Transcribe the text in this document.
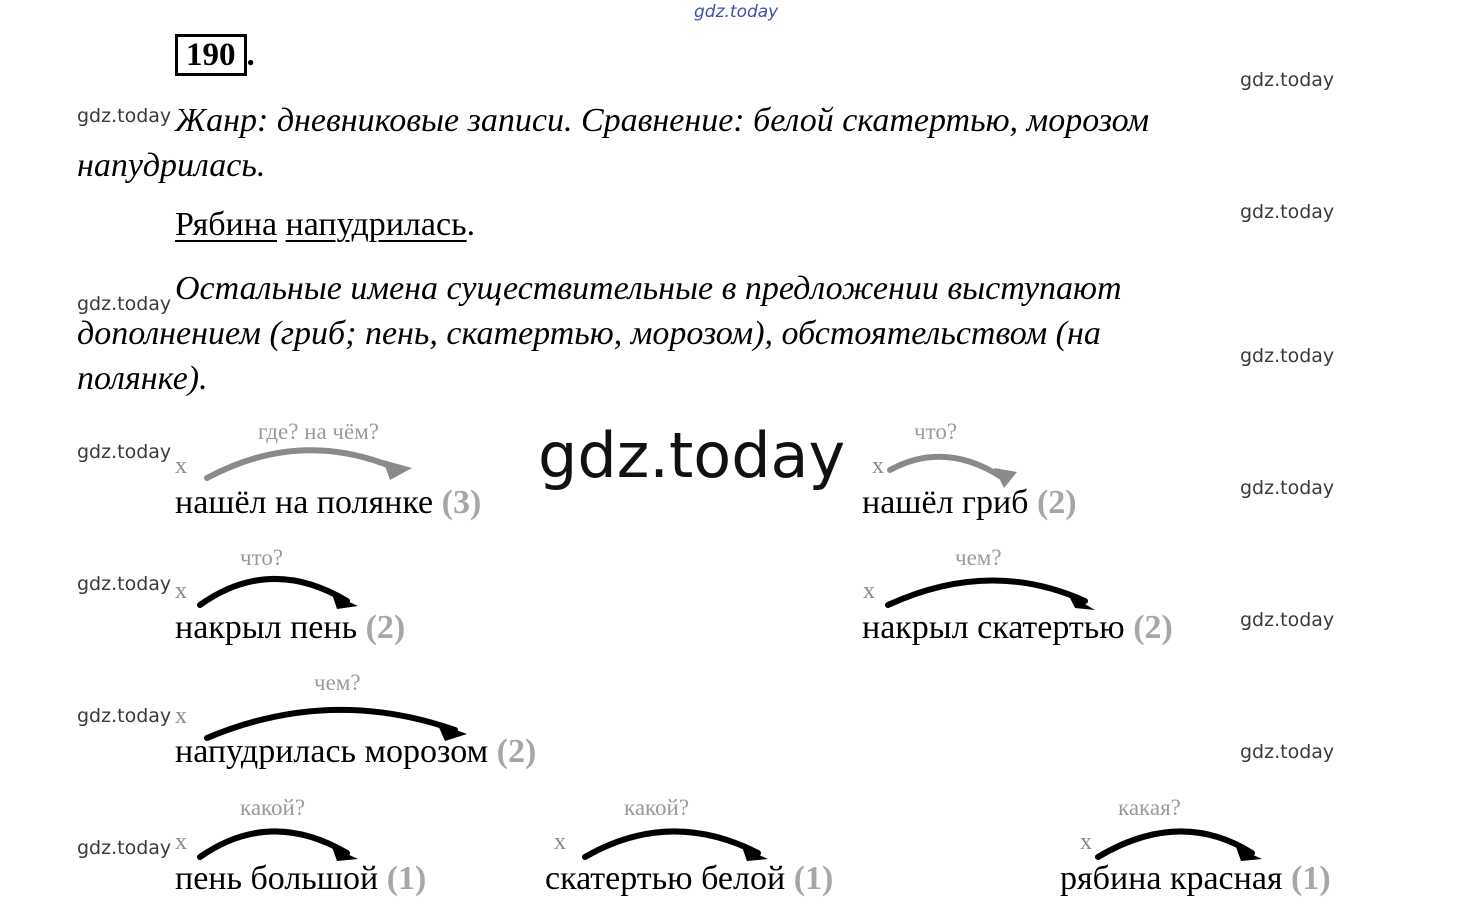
gdz.today
190 .
gdz.today
gdz.today
gdz.today
gdz.today
gdz.today
gdz.today
gdz.today
gdz.today
gdz.today
gdz.today
gdz.today
gdz.today
Жанр: дневниковые записи. Сравнение: белой скатертью, морозом
напудрилась.
Рябина напудрилась.
Остальные имена существительные в предложении выступают
дополнением (гриб; пень, скатертью, морозом), обстоятельством (на
полянке).
x
где? на чём?
нашёл на полянке (3)
x
что?
нашёл гриб (2)
x
что?
накрыл пень (2)
x
чем?
накрыл скатертью (2)
x
чем?
напудрилась морозом (2)
x
какой?
пень большой (1)
x
какой?
скатертью белой (1)
x
какая?
рябина красная (1)
gdz.today
